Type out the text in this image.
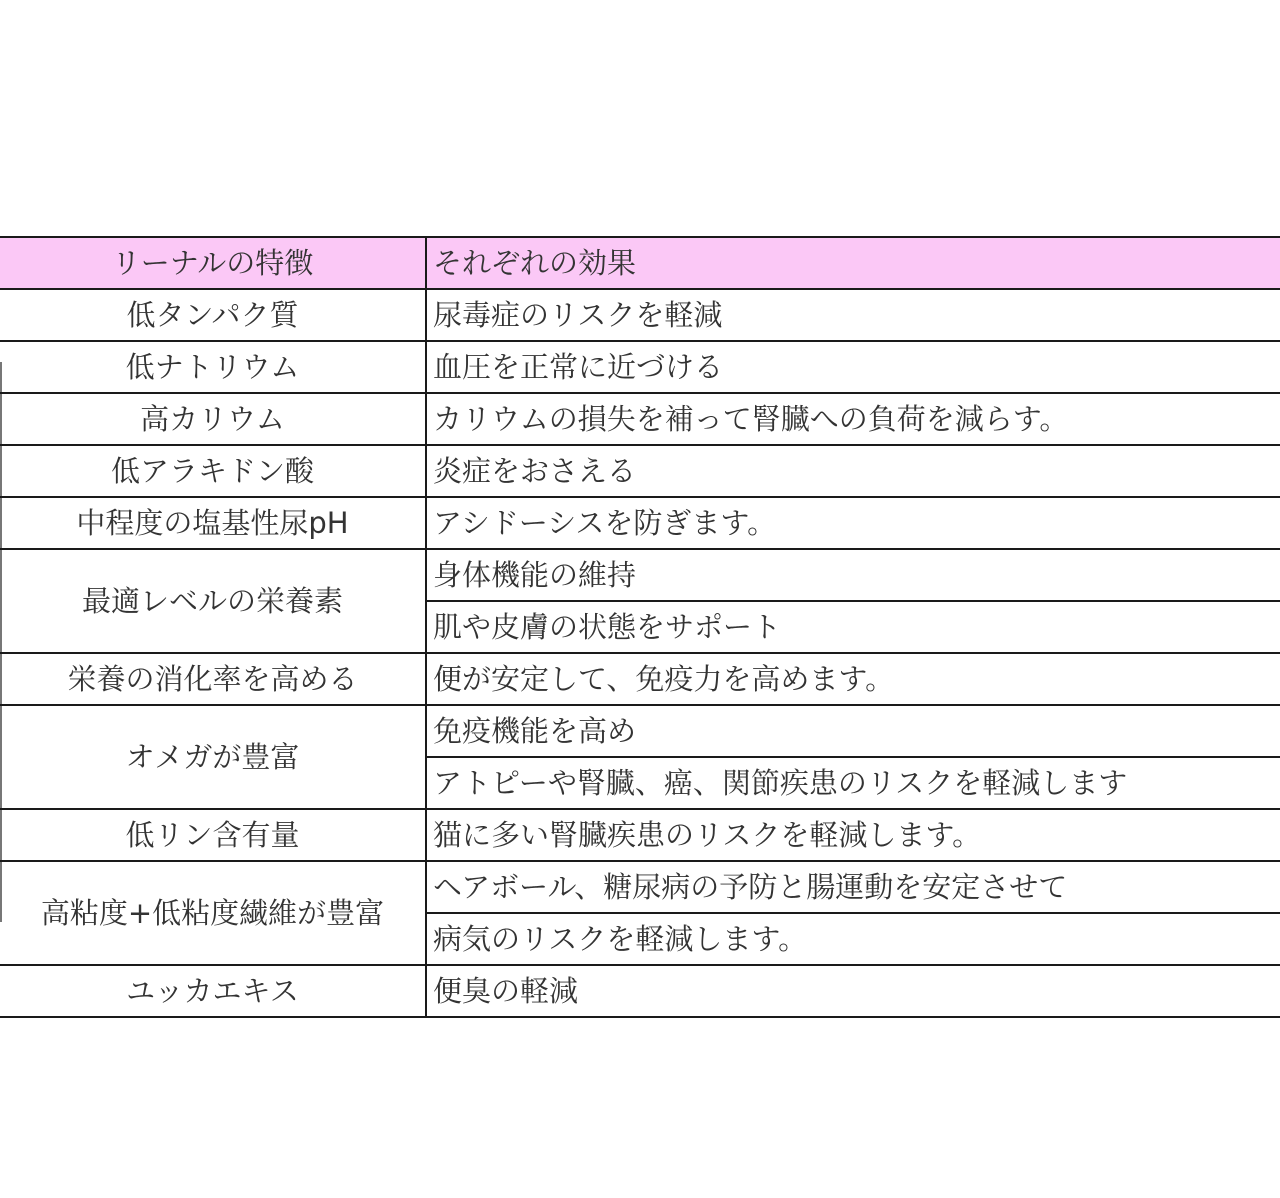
リーナルの特徴	それぞれの効果
低タンパク質	尿毒症のリスクを軽減
低ナトリウム	血圧を正常に近づける
高カリウム	カリウムの損失を補って腎臓への負荷を減らす。
低アラキドン酸	炎症をおさえる
中程度の塩基性尿pH	アシドーシスを防ぎます。
最適レベルの栄養素	身体機能の維持
	肌や皮膚の状態をサポート
栄養の消化率を高める	便が安定して、免疫力を高めます。
オメガが豊富	免疫機能を高め
	アトピーや腎臓、癌、関節疾患のリスクを軽減します
低リン含有量	猫に多い腎臓疾患のリスクを軽減します。
高粘度+低粘度繊維が豊富	ヘアボール、糖尿病の予防と腸運動を安定させて
	病気のリスクを軽減します。
ユッカエキス	便臭の軽減
